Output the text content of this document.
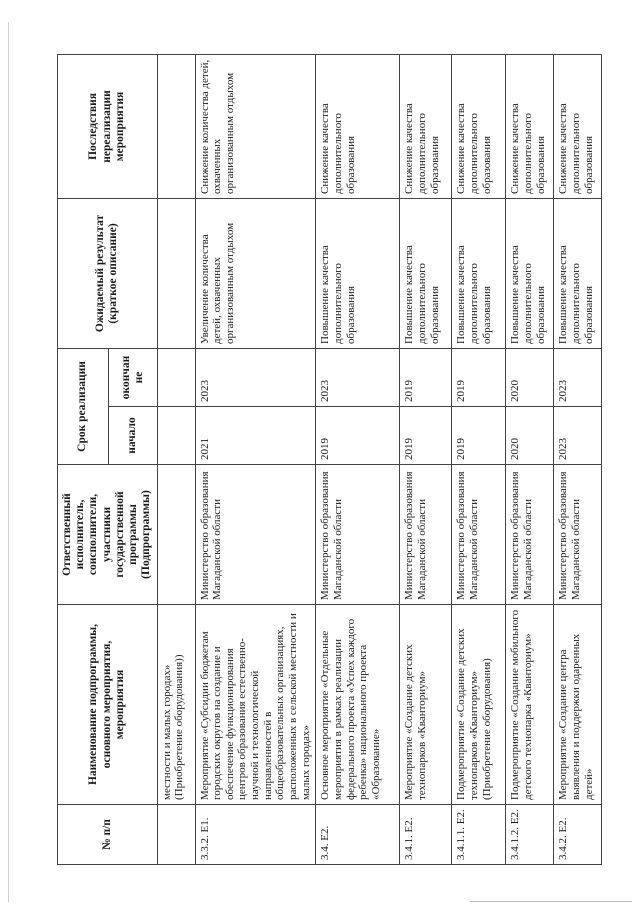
№ п/п	Наименование подпрограммы, основного мероприятия, мероприятия	Ответственный исполнитель, соисполнители, участники государственной программы (Подпрограммы)	Срок реализации		Ожидаемый результат (краткое описание)	Последствия нереализации мероприятия
			начало	окончан не		
	местности и малых городах» (Приобретение оборудования))					
3.3.2. Е1.	Мероприятие «Субсидии бюджетам городских округов на создание и обеспечение функционирования центров образования естественно-научной и технологической направленностей в общеобразовательных организациях, расположенных в сельской местности и малых городах»	Министерство образования Магаданской области	2021	2023	Увеличение количества детей, охваченных организованным отдыхом	Снижение количества детей, охваченных организованным отдыхом
3.4. Е2.	Основное мероприятие «Отдельные мероприятия в рамках реализации федерального проекта «Успех каждого ребенка» национального проекта «Образование»	Министерство образования Магаданской области	2019	2023	Повышение качества дополнительного образования	Снижение качества дополнительного образования
3.4.1. Е2.	Мероприятие «Создание детских технопарков «Кванториум»	Министерство образования Магаданской области	2019	2019	Повышение качества дополнительного образования	Снижение качества дополнительного образования
3.4.1.1. Е2.	Подмероприятие «Создание детских технопарков «Кванториум» (Приобретение оборудования)	Министерство образования Магаданской области	2019	2019	Повышение качества дополнительного образования	Снижение качества дополнительного образования
3.4.1.2. Е2.	Подмероприятие «Создание мобильного детского технопарка «Кванториум»	Министерство образования Магаданской области	2020	2020	Повышение качества дополнительного образования	Снижение качества дополнительного образования
3.4.2. Е2.	Мероприятие «Создание центра выявления и поддержки одаренных детей»	Министерство образования Магаданской области	2023	2023	Повышение качества дополнительного образования	Снижение качества дополнительного образования
